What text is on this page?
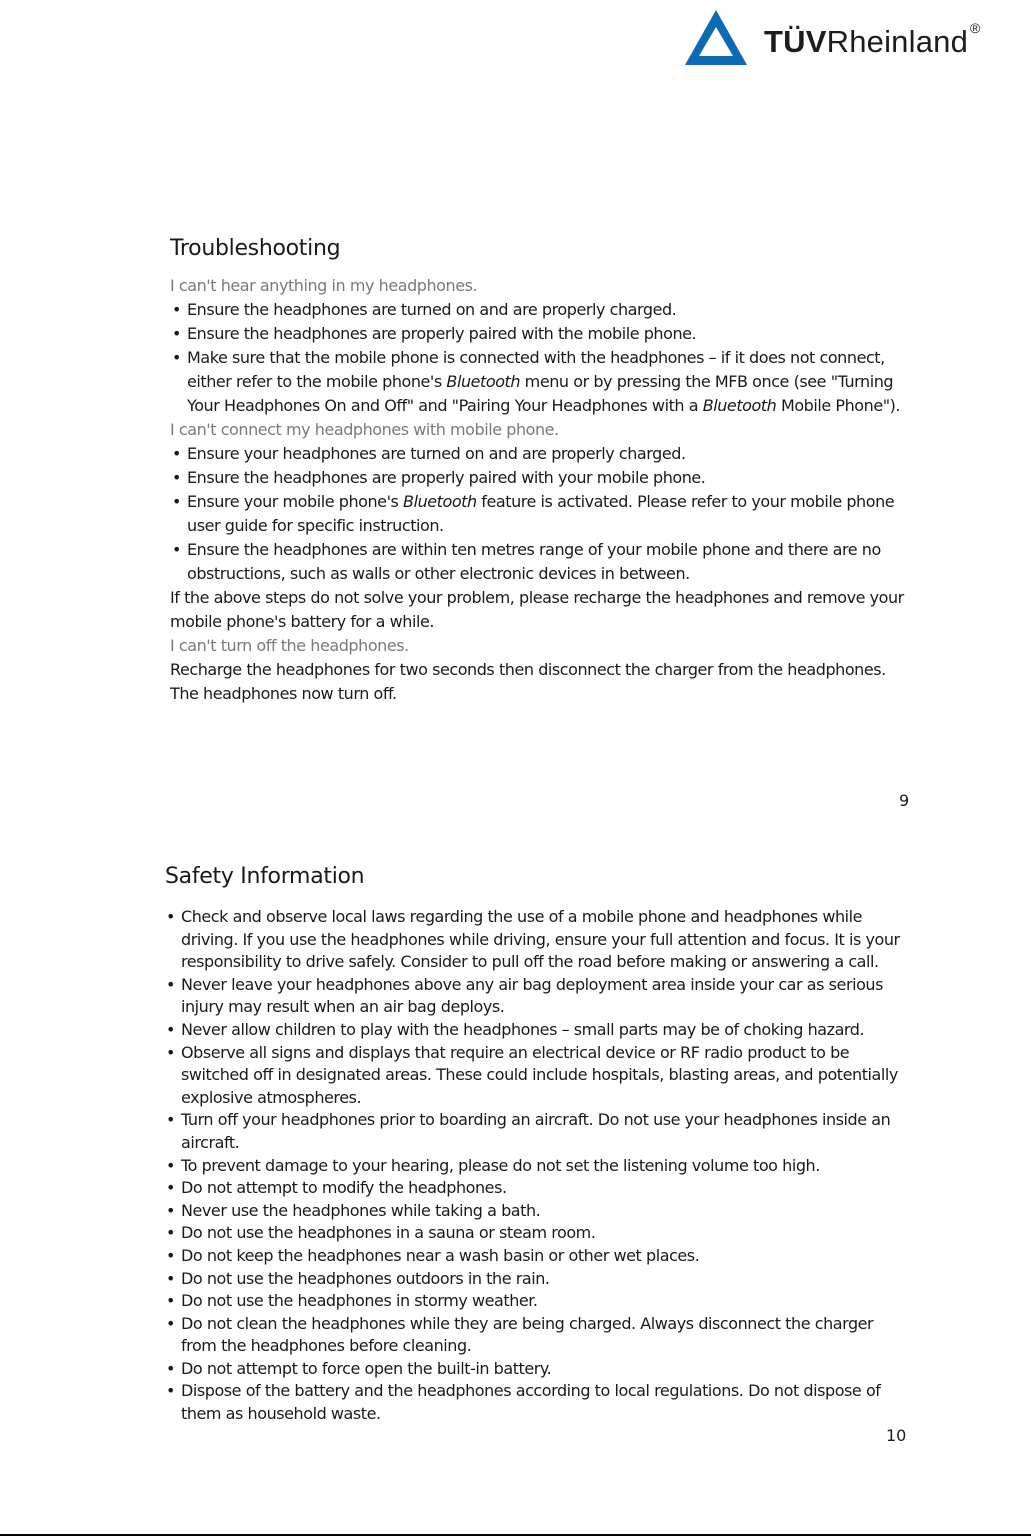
TÜVRheinland ®
Troubleshooting
I can't hear anything in my headphones.
• Ensure the headphones are turned on and are properly charged.
• Ensure the headphones are properly paired with the mobile phone.
• Make sure that the mobile phone is connected with the headphones – if it does not connect, either refer to the mobile phone's Bluetooth menu or by pressing the MFB once (see "Turning Your Headphones On and Off" and "Pairing Your Headphones with a Bluetooth Mobile Phone").
I can't connect my headphones with mobile phone.
• Ensure your headphones are turned on and are properly charged.
• Ensure the headphones are properly paired with your mobile phone.
• Ensure your mobile phone's Bluetooth feature is activated. Please refer to your mobile phone user guide for specific instruction.
• Ensure the headphones are within ten metres range of your mobile phone and there are no obstructions, such as walls or other electronic devices in between.
If the above steps do not solve your problem, please recharge the headphones and remove your mobile phone's battery for a while.
I can't turn off the headphones.
Recharge the headphones for two seconds then disconnect the charger from the headphones. The headphones now turn off.
9
Safety Information
• Check and observe local laws regarding the use of a mobile phone and headphones while driving. If you use the headphones while driving, ensure your full attention and focus. It is your responsibility to drive safely. Consider to pull off the road before making or answering a call.
• Never leave your headphones above any air bag deployment area inside your car as serious injury may result when an air bag deploys.
• Never allow children to play with the headphones – small parts may be of choking hazard.
• Observe all signs and displays that require an electrical device or RF radio product to be switched off in designated areas. These could include hospitals, blasting areas, and potentially explosive atmospheres.
• Turn off your headphones prior to boarding an aircraft. Do not use your headphones inside an aircraft.
• To prevent damage to your hearing, please do not set the listening volume too high.
• Do not attempt to modify the headphones.
• Never use the headphones while taking a bath.
• Do not use the headphones in a sauna or steam room.
• Do not keep the headphones near a wash basin or other wet places.
• Do not use the headphones outdoors in the rain.
• Do not use the headphones in stormy weather.
• Do not clean the headphones while they are being charged. Always disconnect the charger from the headphones before cleaning.
• Do not attempt to force open the built-in battery.
• Dispose of the battery and the headphones according to local regulations. Do not dispose of them as household waste.
10
